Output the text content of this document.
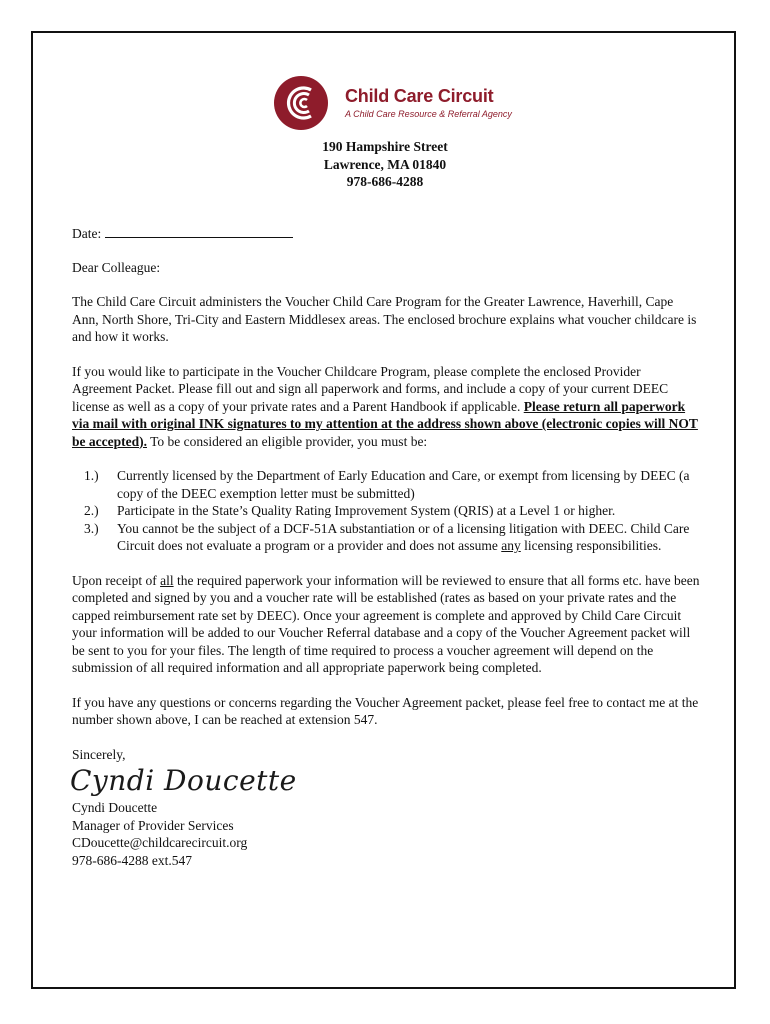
Child Care Circuit
A Child Care Resource & Referral Agency
190 Hampshire Street
Lawrence, MA 01840
978-686-4288

Date:

Dear Colleague:

The Child Care Circuit administers the Voucher Child Care Program for the Greater Lawrence, Haverhill, Cape Ann, North Shore, Tri-City and Eastern Middlesex areas. The enclosed brochure explains what voucher childcare is and how it works.

If you would like to participate in the Voucher Childcare Program, please complete the enclosed Provider Agreement Packet. Please fill out and sign all paperwork and forms, and include a copy of your current DEEC license as well as a copy of your private rates and a Parent Handbook if applicable. Please return all paperwork via mail with original INK signatures to my attention at the address shown above (electronic copies will NOT be accepted). To be considered an eligible provider, you must be:

1.) Currently licensed by the Department of Early Education and Care, or exempt from licensing by DEEC (a copy of the DEEC exemption letter must be submitted)
2.) Participate in the State’s Quality Rating Improvement System (QRIS) at a Level 1 or higher.
3.) You cannot be the subject of a DCF-51A substantiation or of a licensing litigation with DEEC. Child Care Circuit does not evaluate a program or a provider and does not assume any licensing responsibilities.

Upon receipt of all the required paperwork your information will be reviewed to ensure that all forms etc. have been completed and signed by you and a voucher rate will be established (rates as based on your private rates and the capped reimbursement rate set by DEEC). Once your agreement is complete and approved by Child Care Circuit your information will be added to our Voucher Referral database and a copy of the Voucher Agreement packet will be sent to you for your files. The length of time required to process a voucher agreement will depend on the submission of all required information and all appropriate paperwork being completed.

If you have any questions or concerns regarding the Voucher Agreement packet, please feel free to contact me at the number shown above, I can be reached at extension 547.

Sincerely,

Cyndi Doucette

Cyndi Doucette
Manager of Provider Services
CDoucette@childcarecircuit.org
978-686-4288 ext.547
